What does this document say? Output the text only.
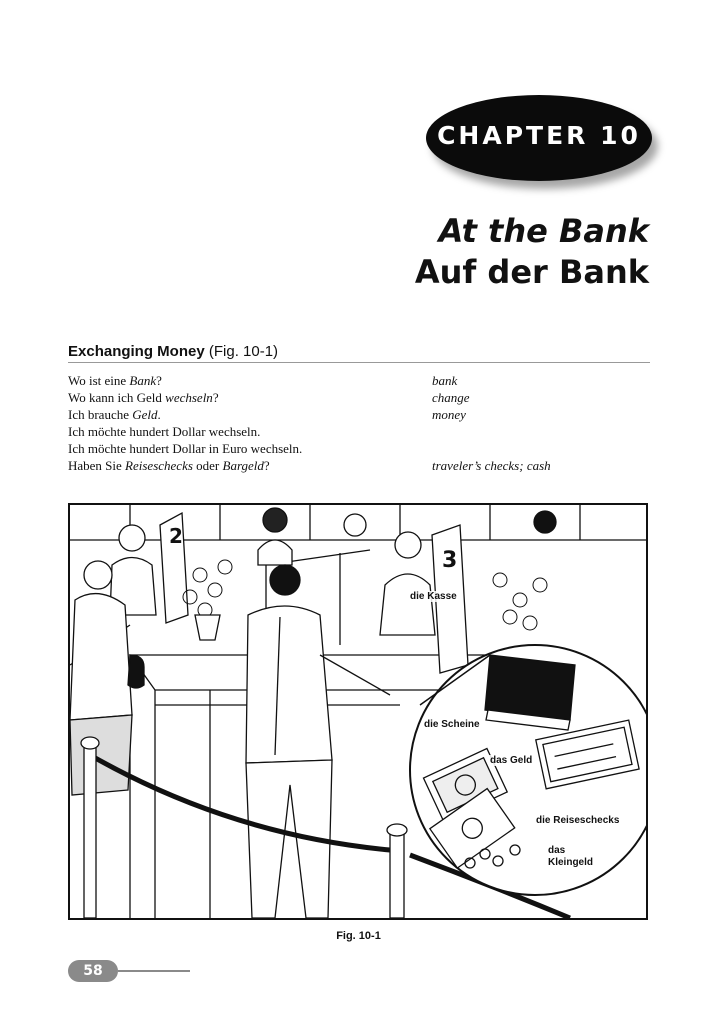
CHAPTER 10
At the Bank
Auf der Bank
Exchanging Money (Fig. 10-1)
Wo ist eine Bank?	bank
Wo kann ich Geld wechseln?	change
Ich brauche Geld.	money
Ich möchte hundert Dollar wechseln.
Ich möchte hundert Dollar in Euro wechseln.
Haben Sie Reiseschecks oder Bargeld?	traveler’s checks; cash
2
3
die Kasse
die Scheine
das Geld
die Reiseschecks
das
Kleingeld
Fig. 10-1
58
